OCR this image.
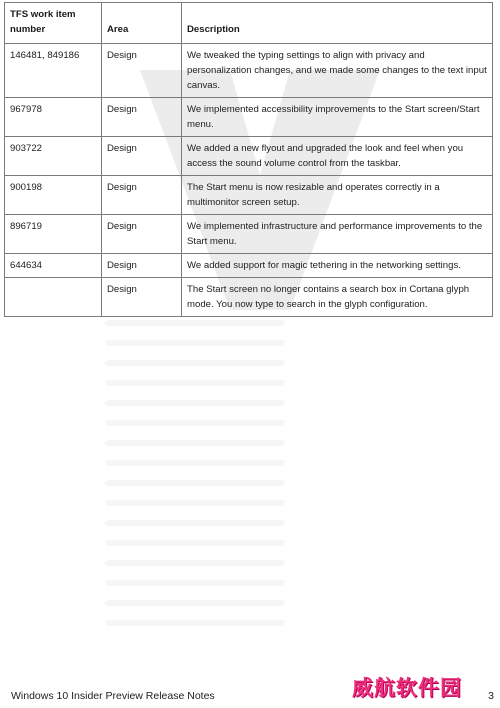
TFS work item number	Area	Description
146481, 849186	Design	We tweaked the typing settings to align with privacy and personalization changes, and we made some changes to the text input canvas.
967978	Design	We implemented accessibility improvements to the Start screen/Start menu.
903722	Design	We added a new flyout and upgraded the look and feel when you access the sound volume control from the taskbar.
900198	Design	The Start menu is now resizable and operates correctly in a multimonitor screen setup.
896719	Design	We implemented infrastructure and performance improvements to the Start menu.
644634	Design	We added support for magic tethering in the networking settings.
	Design	The Start screen no longer contains a search box in Cortana glyph mode. You now type to search in the glyph configuration.
Windows 10 Insider Preview Release Notes	3
威航软件园
